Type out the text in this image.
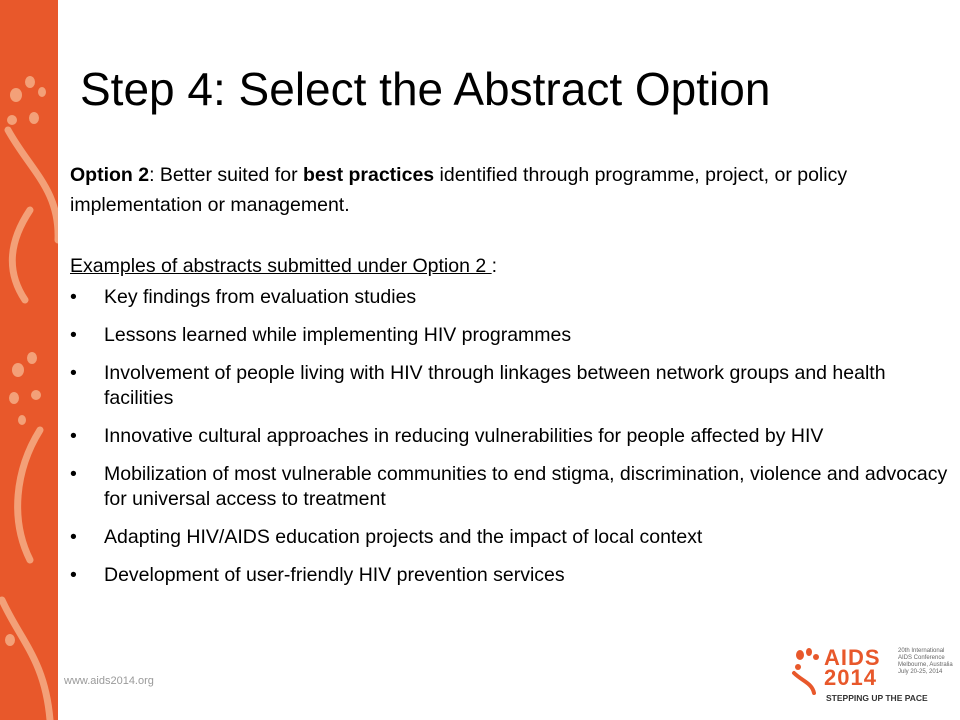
Step 4: Select the Abstract Option
Option 2: Better suited for best practices identified through programme, project, or policy implementation or management.
Examples of abstracts submitted under Option 2 :
• Key findings from evaluation studies
• Lessons learned while implementing HIV programmes
• Involvement of people living with HIV through linkages between network groups and health facilities
• Innovative cultural approaches in reducing vulnerabilities for people affected by HIV
• Mobilization of most vulnerable communities to end stigma, discrimination, violence and advocacy for universal access to treatment
• Adapting HIV/AIDS education projects and the impact of local context
• Development of user-friendly HIV prevention services
www.aids2014.org
AIDS
2014
20th International
AIDS Conference
Melbourne, Australia
July 20-25, 2014
STEPPING UP THE PACE
